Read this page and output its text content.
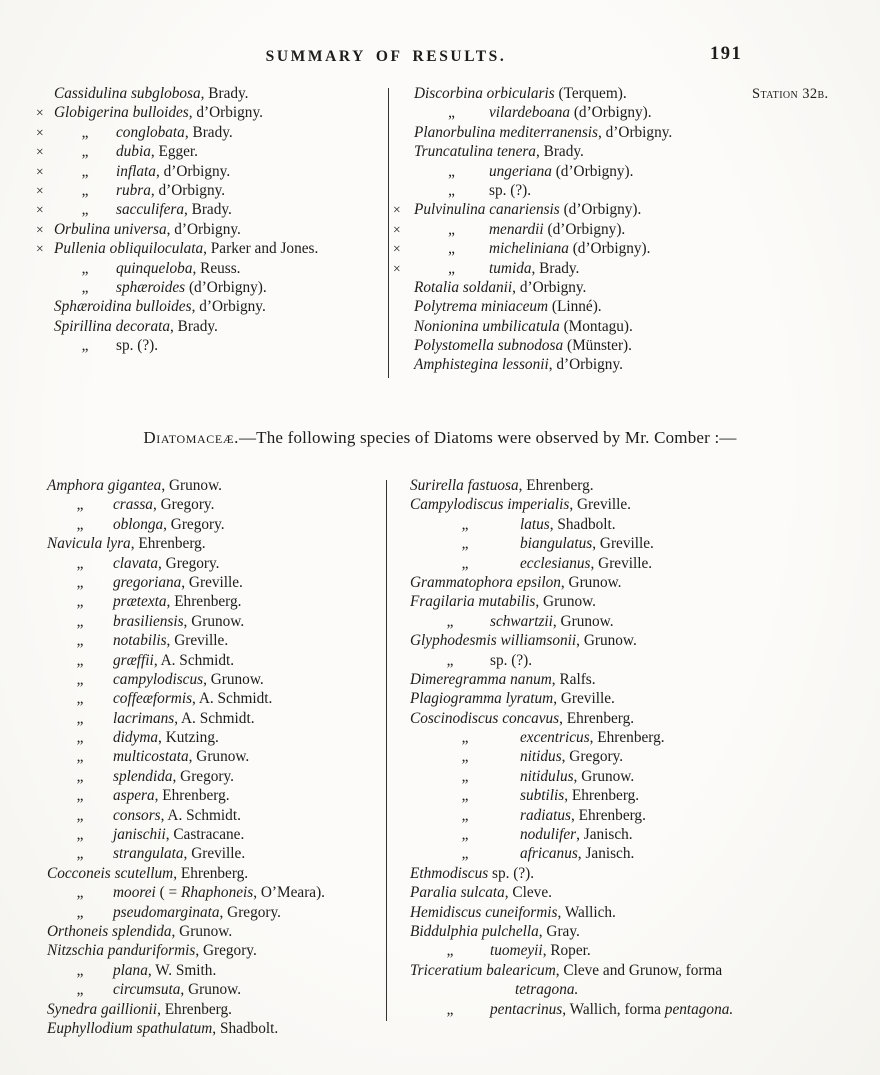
SUMMARY OF RESULTS.	191
Station 32b.
Cassidulina subglobosa, Brady.
× Globigerina bulloides, d’Orbigny.
× „ conglobata, Brady.
× „ dubia, Egger.
× „ inflata, d’Orbigny.
× „ rubra, d’Orbigny.
× „ sacculifera, Brady.
× Orbulina universa, d’Orbigny.
× Pullenia obliquiloculata, Parker and Jones.
„ quinqueloba, Reuss.
„ sphæroides (d’Orbigny).
Sphæroidina bulloides, d’Orbigny.
Spirillina decorata, Brady.
„ sp. (?).
Discorbina orbicularis (Terquem).
„ vilardeboana (d’Orbigny).
Planorbulina mediterranensis, d’Orbigny.
Truncatulina tenera, Brady.
„ ungeriana (d’Orbigny).
„ sp. (?).
× Pulvinulina canariensis (d’Orbigny).
×	„ menardii (d’Orbigny).
×	„ micheliniana (d’Orbigny).
×	„ tumida, Brady.
Rotalia soldanii, d’Orbigny.
Polytrema miniaceum (Linné).
Nonionina umbilicatula (Montagu).
Polystomella subnodosa (Münster).
Amphistegina lessonii, d’Orbigny.
Diatomaceæ.—The following species of Diatoms were observed by Mr. Comber :—
Amphora gigantea, Grunow.
„ crassa, Gregory.
„ oblonga, Gregory.
Navicula lyra, Ehrenberg.
„ clavata, Gregory.
„ gregoriana, Greville.
„ prætexta, Ehrenberg.
„ brasiliensis, Grunow.
„ notabilis, Greville.
„ græffii, A. Schmidt.
„ campylodiscus, Grunow.
„ coffeæformis, A. Schmidt.
„ lacrimans, A. Schmidt.
„ didyma, Kutzing.
„ multicostata, Grunow.
„ splendida, Gregory.
„ aspera, Ehrenberg.
„ consors, A. Schmidt.
„ janischii, Castracane.
„ strangulata, Greville.
Cocconeis scutellum, Ehrenberg.
„ moorei ( = Rhaphoneis, O’Meara).
„ pseudomarginata, Gregory.
Orthoneis splendida, Grunow.
Nitzschia panduriformis, Gregory.
„ plana, W. Smith.
„ circumsuta, Grunow.
Synedra gaillionii, Ehrenberg.
Euphyllodium spathulatum, Shadbolt.
Surirella fastuosa, Ehrenberg.
Campylodiscus imperialis, Greville.
„	latus, Shadbolt.
„	biangulatus, Greville.
„	ecclesianus, Greville.
Grammatophora epsilon, Grunow.
Fragilaria mutabilis, Grunow.
„ schwartzii, Grunow.
Glyphodesmis williamsonii, Grunow.
„ sp. (?).
Dimeregramma nanum, Ralfs.
Plagiogramma lyratum, Greville.
Coscinodiscus concavus, Ehrenberg.
„	excentricus, Ehrenberg.
„	nitidus, Gregory.
„	nitidulus, Grunow.
„	subtilis, Ehrenberg.
„	radiatus, Ehrenberg.
„	nodulifer, Janisch.
„	africanus, Janisch.
Ethmodiscus sp. (?).
Paralia sulcata, Cleve.
Hemidiscus cuneiformis, Wallich.
Biddulphia pulchella, Gray.
„ tuomeyii, Roper.
Triceratium balearicum, Cleve and Grunow, forma
tetragona.
„ pentacrinus, Wallich, forma pentagona.
